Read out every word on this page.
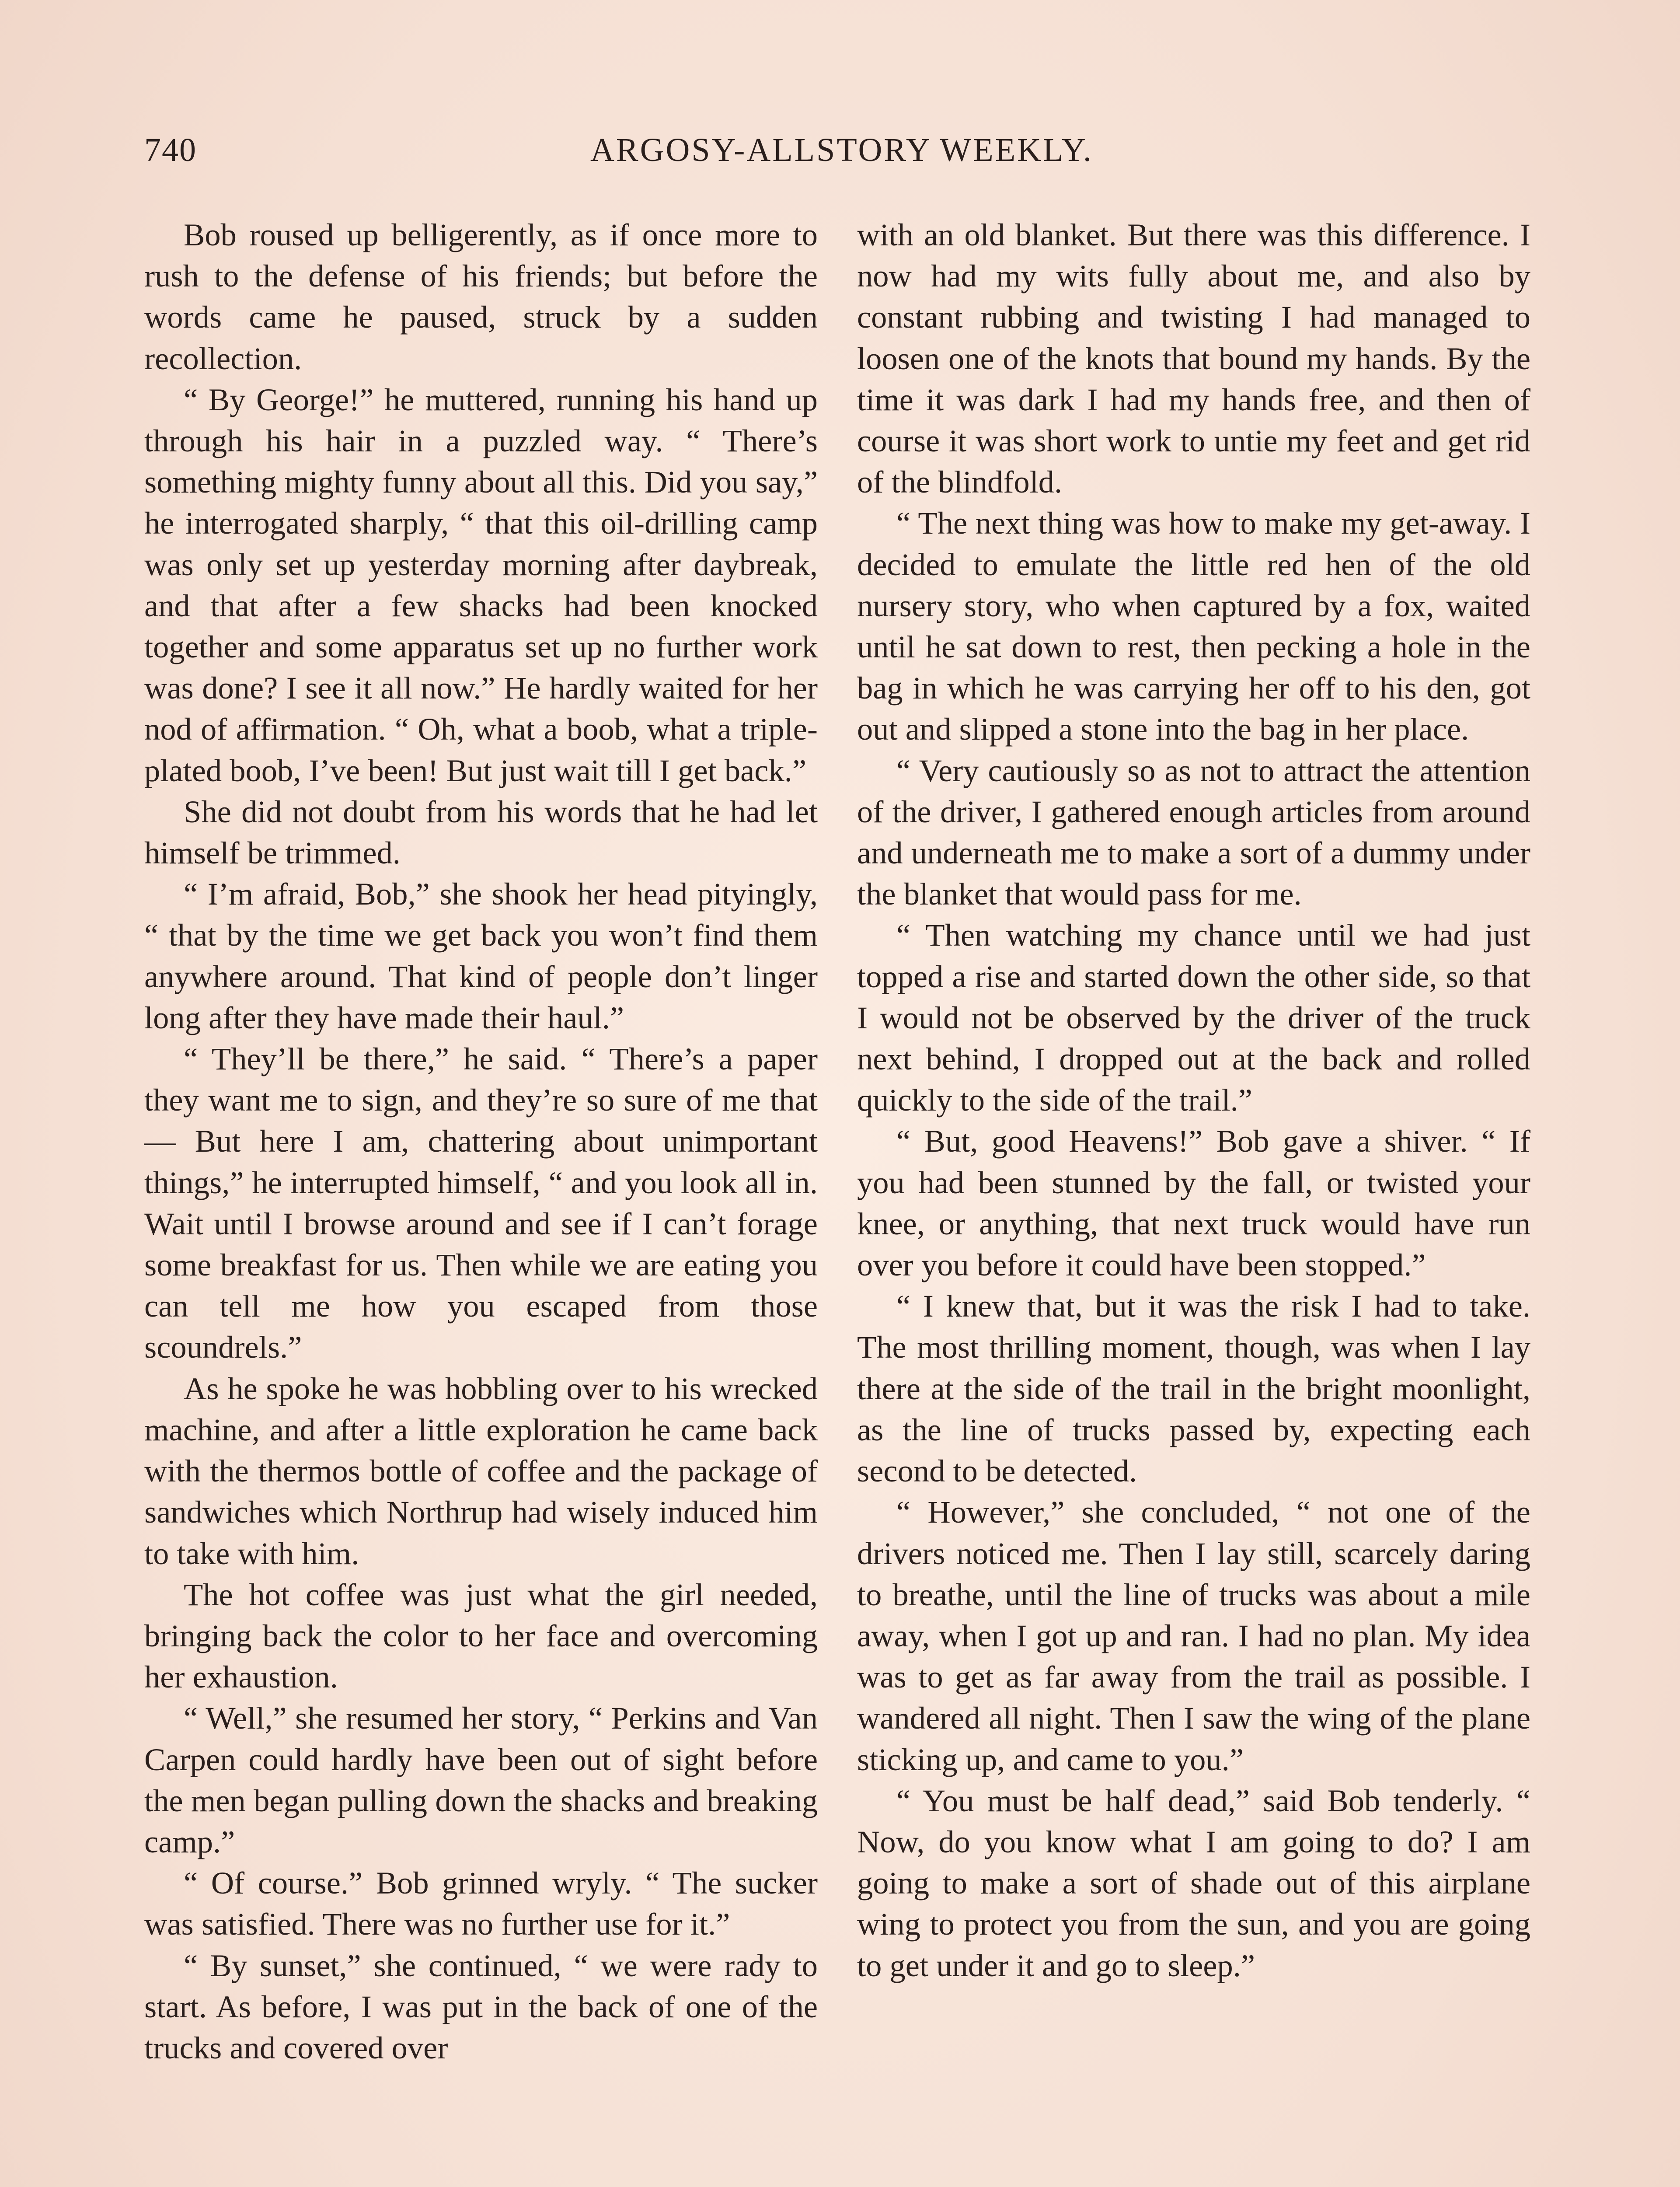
740	ARGOSY-ALLSTORY WEEKLY.

Bob roused up belligerently, as if once more to rush to the defense of his friends; but before the words came he paused, struck by a sudden recollection.

“ By George!” he muttered, running his hand up through his hair in a puzzled way. “ There’s something mighty funny about all this. Did you say,” he interrogated sharply, “ that this oil-drilling camp was only set up yesterday morning after daybreak, and that after a few shacks had been knocked together and some apparatus set up no further work was done? I see it all now.” He hardly waited for her nod of affirmation. “ Oh, what a boob, what a triple-plated boob, I’ve been! But just wait till I get back.”

She did not doubt from his words that he had let himself be trimmed.

“ I’m afraid, Bob,” she shook her head pityingly, “ that by the time we get back you won’t find them anywhere around. That kind of people don’t linger long after they have made their haul.”

“ They’ll be there,” he said. “ There’s a paper they want me to sign, and they’re so sure of me that— But here I am, chattering about unimportant things,” he interrupted himself, “ and you look all in. Wait until I browse around and see if I can’t forage some breakfast for us. Then while we are eating you can tell me how you escaped from those scoundrels.”

As he spoke he was hobbling over to his wrecked machine, and after a little exploration he came back with the thermos bottle of coffee and the package of sandwiches which Northrup had wisely induced him to take with him.

The hot coffee was just what the girl needed, bringing back the color to her face and overcoming her exhaustion.

“ Well,” she resumed her story, “ Perkins and Van Carpen could hardly have been out of sight before the men began pulling down the shacks and breaking camp.”

“ Of course.” Bob grinned wryly. “ The sucker was satisfied. There was no further use for it.”

“ By sunset,” she continued, “ we were rady to start. As before, I was put in the back of one of the trucks and covered over

with an old blanket. But there was this difference. I now had my wits fully about me, and also by constant rubbing and twisting I had managed to loosen one of the knots that bound my hands. By the time it was dark I had my hands free, and then of course it was short work to untie my feet and get rid of the blindfold.

“ The next thing was how to make my get-away. I decided to emulate the little red hen of the old nursery story, who when captured by a fox, waited until he sat down to rest, then pecking a hole in the bag in which he was carrying her off to his den, got out and slipped a stone into the bag in her place.

“ Very cautiously so as not to attract the attention of the driver, I gathered enough articles from around and underneath me to make a sort of a dummy under the blanket that would pass for me.

“ Then watching my chance until we had just topped a rise and started down the other side, so that I would not be observed by the driver of the truck next behind, I dropped out at the back and rolled quickly to the side of the trail.”

“ But, good Heavens!” Bob gave a shiver. “ If you had been stunned by the fall, or twisted your knee, or anything, that next truck would have run over you before it could have been stopped.”

“ I knew that, but it was the risk I had to take. The most thrilling moment, though, was when I lay there at the side of the trail in the bright moonlight, as the line of trucks passed by, expecting each second to be detected.

“ However,” she concluded, “ not one of the drivers noticed me. Then I lay still, scarcely daring to breathe, until the line of trucks was about a mile away, when I got up and ran. I had no plan. My idea was to get as far away from the trail as possible. I wandered all night. Then I saw the wing of the plane sticking up, and came to you.”

“ You must be half dead,” said Bob tenderly. “ Now, do you know what I am going to do? I am going to make a sort of shade out of this airplane wing to protect you from the sun, and you are going to get under it and go to sleep.”
